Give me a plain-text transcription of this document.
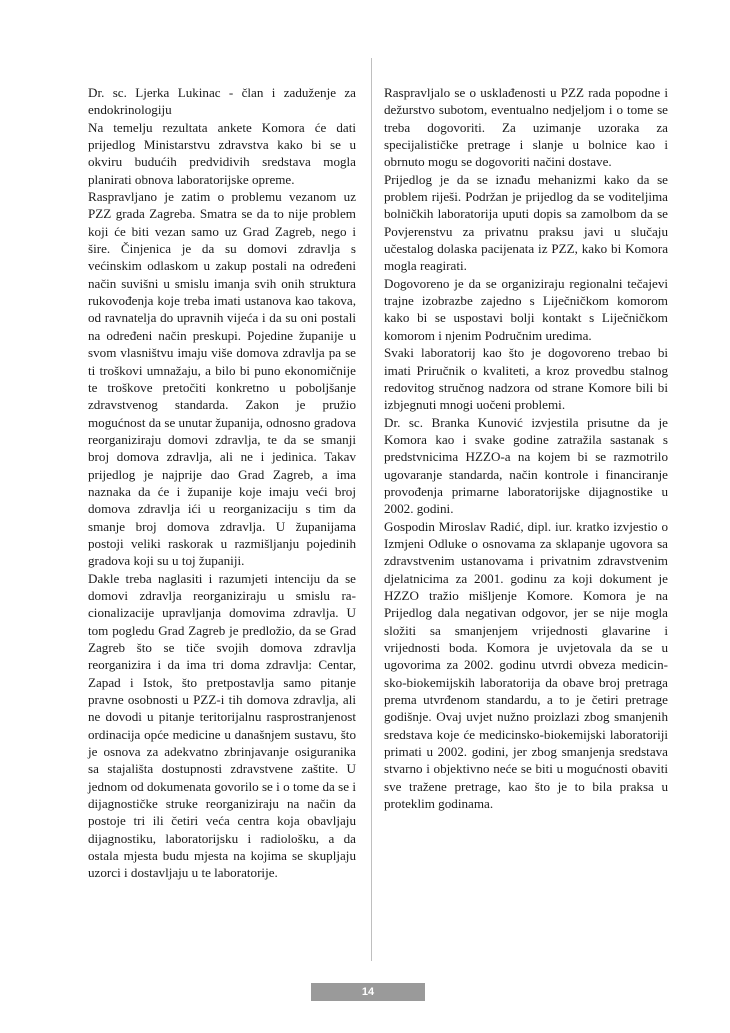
Dr. sc. Ljerka Lukinac - član i zaduženje za endokrinologiju

Na temelju rezultata ankete Komora će dati prijedlog Ministarstvu zdravstva kako bi se u okviru budućih predvidivih sredstava mogla planirati obnova laboratorijske opreme.

Raspravljano je zatim o problemu vezanom uz PZZ grada Zagreba. Smatra se da to nije problem koji će biti vezan samo uz Grad Zagreb, nego i šire. Činjenica je da su domovi zdravlja s većinskim odlaskom u zakup postali na određeni način suvišni u smislu imanja svih onih struktura rukovođenja koje treba imati ustanova kao takova, od ravnatelja do upravnih vijeća i da su oni postali na određeni način preskupi. Pojedine županije u svom vlasništvu imaju više domova zdravlja pa se ti troškovi umnažaju, a bilo bi puno ekonomičnije te troškove pretočiti konkretno u poboljšanje zdravstvenog standarda. Zakon je pružio mogućnost da se unutar županija, odnosno gradova reorganiziraju domovi zdravlja, te da se smanji broj domova zdravlja, ali ne i jedinica. Takav prijedlog je najprije dao Grad Zagreb, a ima naznaka da će i županije koje imaju veći broj domova zdravlja ići u reorganizaciju s tim da smanje broj domova zdravlja. U županijama postoji veliki raskorak u razmišljanju pojedinih gradova koji su u toj županiji.

Dakle treba naglasiti i razumjeti intenciju da se domovi zdravlja reorganiziraju u smislu racionalizacije upravljanja domovima zdravlja. U tom pogledu Grad Zagreb je predložio, da se Grad Zagreb što se tiče svojih domova zdravlja reorganizira i da ima tri doma zdravlja: Centar, Zapad i Istok, što pretpostavlja samo pitanje pravne osobnosti u PZZ-i tih domova zdravlja, ali ne dovodi u pitanje teritorijalnu rasprostranjenost ordinacija opće medicine u današnjem sustavu, što je osnova za adekvatno zbrinjavanje osiguranika sa stajališta dostupnosti zdravstvene zaštite. U jednom od dokumenata govorilo se i o tome da se i dijagnostičke struke reorganiziraju na način da postoje tri ili četiri veća centra koja obavljaju dijagnostiku, laboratorijsku i radiološku, a da ostala mjesta budu mjesta na kojima se skupljaju uzorci i dostavljaju u te laboratorije.

Raspravljalo se o usklađenosti u PZZ rada popodne i dežurstvo subotom, eventualno nedjeljom i o tome se treba dogovoriti. Za uzimanje uzoraka za specijalističke pretrage i slanje u bolnice kao i obrnuto mogu se dogovoriti načini dostave.

Prijedlog je da se iznađu mehanizmi kako da se problem riješi. Podržan je prijedlog da se voditeljima bolničkih laboratorija uputi dopis sa zamolbom da se Povjerenstvu za privatnu praksu javi u slučaju učestalog dolaska pacijenata iz PZZ, kako bi Komora mogla reagirati.

Dogovoreno je da se organiziraju regionalni tečajevi trajne izobrazbe zajedno s Liječničkom komorom kako bi se uspostavi bolji kontakt s Liječničkom komorom i njenim Područnim uredima.

Svaki laboratorij kao što je dogovoreno trebao bi imati Priručnik o kvaliteti, a kroz provedbu stalnog redovitog stručnog nadzora od strane Komore bili bi izbjegnuti mnogi uočeni problemi.

Dr. sc. Branka Kunović izvjestila prisutne da je Komora kao i svake godine zatražila sastanak s predstvnicima HZZO-a na kojem bi se razmotrilo ugovaranje standarda, način kontrole i financiranje provođenja primarne laboratorijske dijagnostike u 2002. godini.

Gospodin Miroslav Radić, dipl. iur. kratko izvjestio o Izmjeni Odluke o osnovama za sklapanje ugovora sa zdravstvenim ustanovama i privatnim zdravstvenim djelatnicima za 2001. godinu za koji dokument je HZZO tražio mišljenje Komore. Komora je na Prijedlog dala negativan odgovor, jer se nije mogla složiti sa smanjenjem vrijednosti glavarine i vrijednosti boda. Komora je uvjetovala da se u ugovorima za 2002. godinu utvrdi obveza medicinsko-biokemijskih laboratorija da obave broj pretraga prema utvrđenom standardu, a to je četiri pretrage godišnje. Ovaj uvjet nužno proizlazi zbog smanjenih sredstava koje će medicinsko-biokemijski laboratoriji primati u 2002. godini, jer zbog smanjenja sredstava stvarno i objektivno neće se biti u mogućnosti obaviti sve tražene pretrage, kao što je to bila praksa u proteklim godinama.

14
